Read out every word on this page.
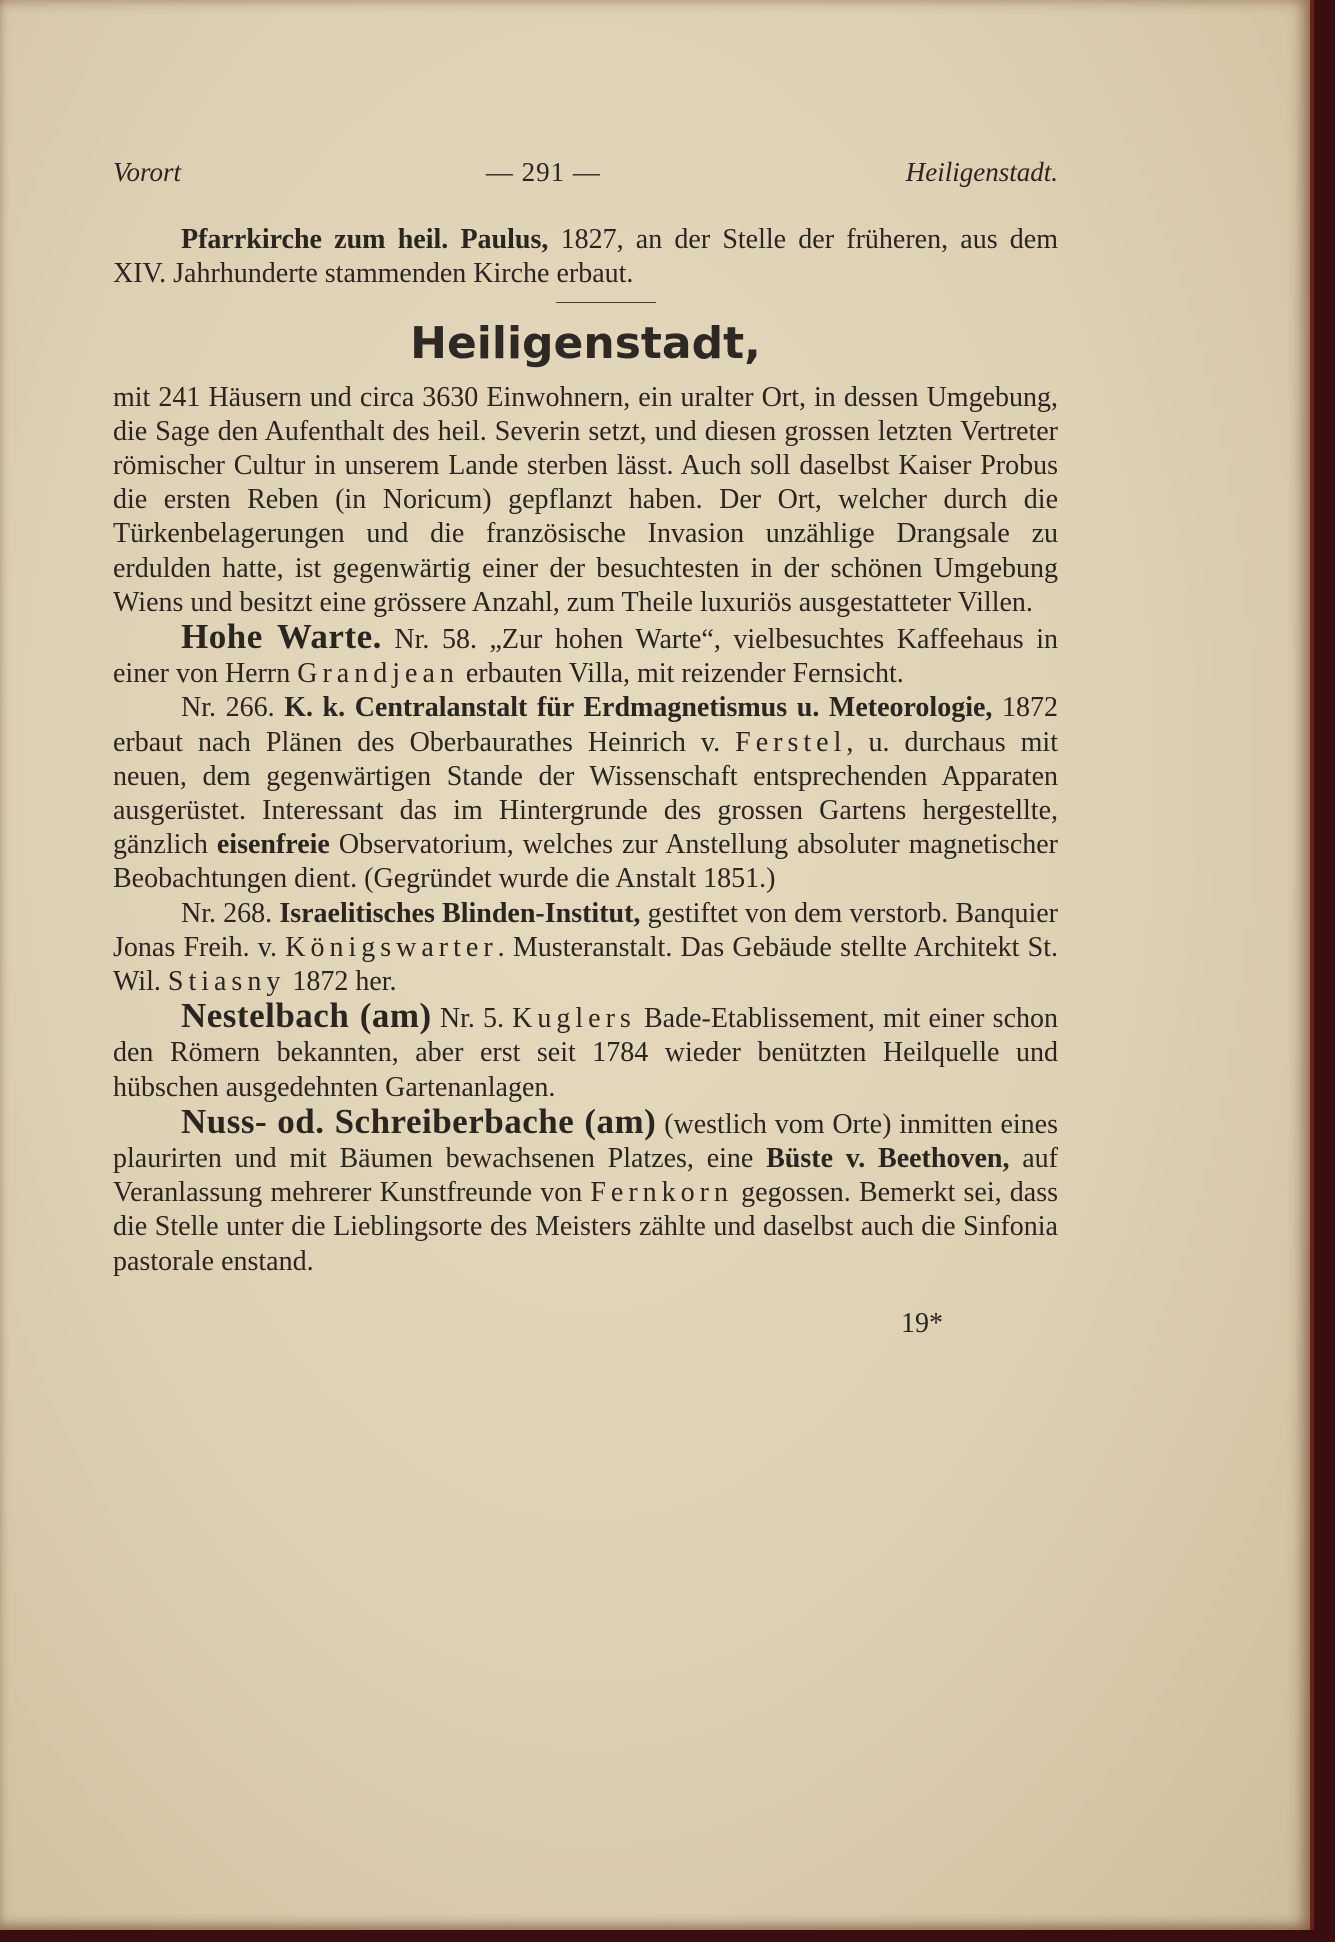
Vorort	— 291 —	Heiligenstadt.

Pfarrkirche zum heil. Paulus, 1827, an der Stelle der früheren, aus dem XIV. Jahrhunderte stammenden Kirche erbaut.

Heiligenstadt,

mit 241 Häusern und circa 3630 Einwohnern, ein uralter Ort, in dessen Umgebung, die Sage den Aufenthalt des heil. Severin setzt, und diesen grossen letzten Vertreter römischer Cultur in unserem Lande sterben lässt. Auch soll daselbst Kaiser Probus die ersten Reben (in Noricum) gepflanzt haben. Der Ort, welcher durch die Türkenbelagerungen und die französische Invasion unzählige Drangsale zu erdulden hatte, ist gegenwärtig einer der besuchtesten in der schönen Umgebung Wiens und besitzt eine grössere Anzahl, zum Theile luxuriös ausgestatteter Villen.

Hohe Warte. Nr. 58. „Zur hohen Warte“, vielbesuchtes Kaffeehaus in einer von Herrn Grandjean erbauten Villa, mit reizender Fernsicht.

Nr. 266. K. k. Centralanstalt für Erdmagnetismus u. Meteorologie, 1872 erbaut nach Plänen des Oberbaurathes Heinrich v. Ferstel, u. durchaus mit neuen, dem gegenwärtigen Stande der Wissenschaft entsprechenden Apparaten ausgerüstet. Interessant das im Hintergrunde des grossen Gartens hergestellte, gänzlich eisenfreie Observatorium, welches zur Anstellung absoluter magnetischer Beobachtungen dient. (Gegründet wurde die Anstalt 1851.)

Nr. 268. Israelitisches Blinden-Institut, gestiftet von dem verstorb. Banquier Jonas Freih. v. Königswarter. Musteranstalt. Das Gebäude stellte Architekt St. Wil. Stiasny 1872 her.

Nestelbach (am) Nr. 5. Kuglers Bade-Etablissement, mit einer schon den Römern bekannten, aber erst seit 1784 wieder benützten Heilquelle und hübschen ausgedehnten Gartenanlagen.

Nuss- od. Schreiberbache (am) (westlich vom Orte) inmitten eines plaurirten und mit Bäumen bewachsenen Platzes, eine Büste v. Beethoven, auf Veranlassung mehrerer Kunstfreunde von Fernkorn gegossen. Bemerkt sei, dass die Stelle unter die Lieblingsorte des Meisters zählte und daselbst auch die Sinfonia pastorale enstand.

19*
